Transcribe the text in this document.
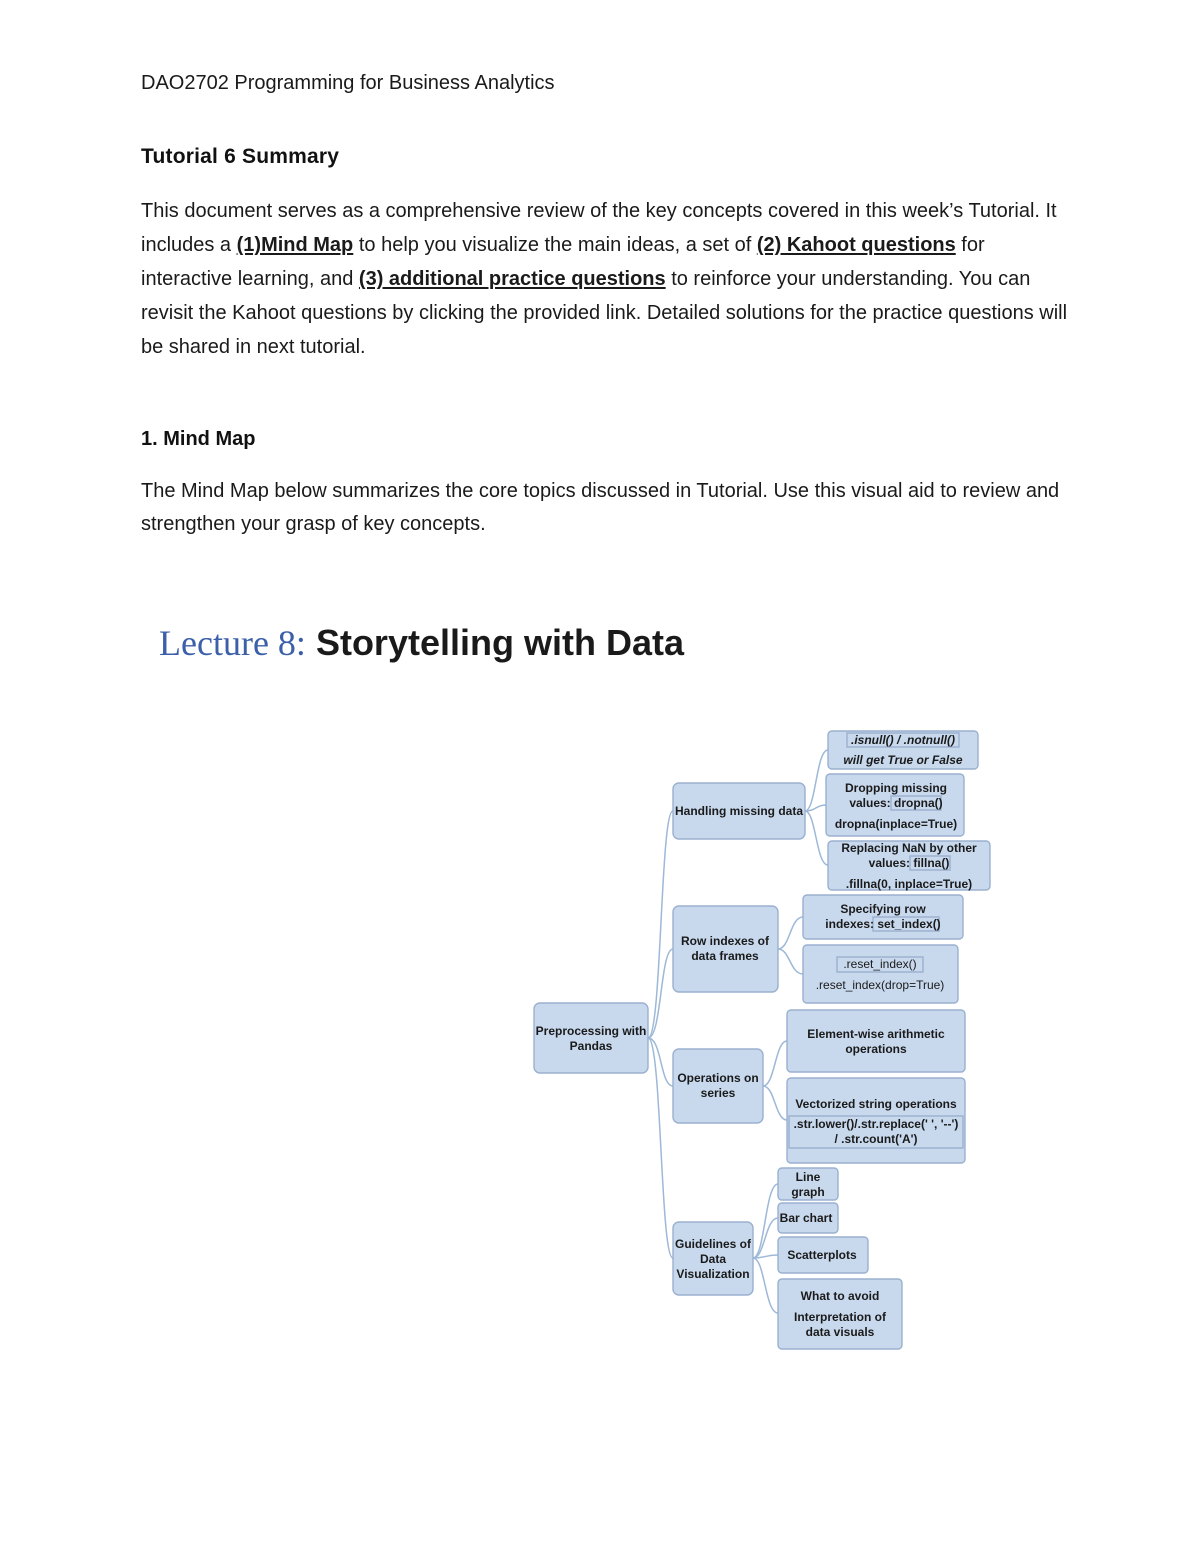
DAO2702 Programming for Business Analytics
Tutorial 6 Summary
This document serves as a comprehensive review of the key concepts covered in this week’s Tutorial. It includes a (1)Mind Map to help you visualize the main ideas, a set of (2) Kahoot questions for interactive learning, and (3) additional practice questions to reinforce your understanding. You can revisit the Kahoot questions by clicking the provided link. Detailed solutions for the practice questions will be shared in next tutorial.
1. Mind Map
The Mind Map below summarizes the core topics discussed in Tutorial. Use this visual aid to review and strengthen your grasp of key concepts.
Lecture 8: Storytelling with Data
Preprocessing with
Pandas
Handling missing data
.isnull() / .notnull()
will get True or False
Dropping missing
values: dropna()
dropna(inplace=True)
Replacing NaN by other
values: fillna()
.fillna(0, inplace=True)
Row indexes of
data frames
Specifying row
indexes: set_index()
.reset_index()
.reset_index(drop=True)
Operations on
series
Element-wise arithmetic
operations
Vectorized string operations
.str.lower()/.str.replace(' ', '--')
/ .str.count('A')
Guidelines of
Data
Visualization
Line
graph
Bar chart
Scatterplots
What to avoid
Interpretation of
data visuals
